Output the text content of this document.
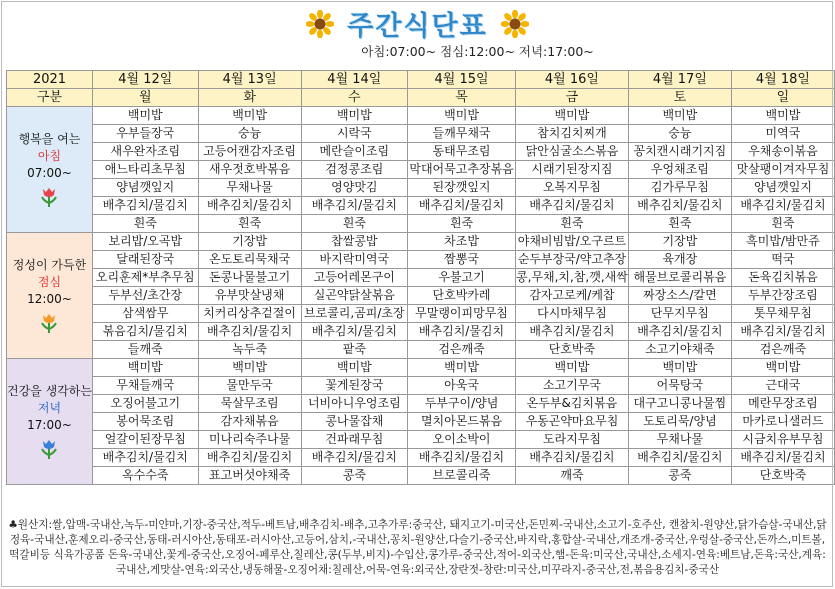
주간식단표
아침:07:00~ 점심:12:00~ 저녁:17:00~
2021	4월 12일	4월 13일	4월 14일	4월 15일	4월 16일	4월 17일	4월 18일
구분	월	화	수	목	금	토	일

행복을 여는
아침
07:00~	백미밥	백미밥	백미밥	백미밥	백미밥	백미밥	백미밥
	우부들장국	숭늉	시락국	들깨무채국	참치김치찌개	숭늉	미역국
	새우완자조림	고등어캔감자조림	메란슬이조림	동태무조림	닭안심굴소스볶음	꽁치캔시래기지짐	우채송이볶음
	애느타리초무침	새우젓호박볶음	검정콩조림	막대어묵고추장볶음	시래기된장지짐	우엉채조림	맛살팽이겨자무침
	양념깻잎지	무채나물	영양맛김	된장깻잎지	오복지무침	김가루무침	양념깻잎지
	배추김치/물김치	배추김치/물김치	배추김치/물김치	배추김치/물김치	배추김치/물김치	배추김치/물김치	배추김치/물김치
	흰죽	흰죽	흰죽	흰죽	흰죽	흰죽	흰죽

정성이 가득한
점심
12:00~	보리밥/오곡밥	기장밥	찹쌀콩밥	차조밥	야채비빔밥/오구르트	기장밥	흑미밥/밤만쥬
	달래된장국	온도토리묵채국	바지락미역국	짬뽕국	순두부장국/약고추장	육개장	떡국
	오리훈제*부추무침	돈콩나물불고기	고등어레몬구이	우불고기	콩,무채,치,참,깻,새싹	해물브로콜리볶음	돈육김치볶음
	두부선/초간장	유부맛살냉채	실곤약닭살볶음	단호박카레	감자고로케/케찹	짜장소스/칼면	두부간장조림
	삼색쌈무	치커리상추겉절이	브로콜리,곰피/초장	무말랭이피망무침	다시마채무침	단무지무침	톳무채무침
	볶음김치/물김치	배추김치/물김치	배추김치/물김치	배추김치/물김치	배추김치/물김치	배추김치/물김치	배추김치/물김치
	들깨죽	녹두죽	팥죽	검은깨죽	단호박죽	소고기야채죽	검은깨죽

건강을 생각하는
저녁
17:00~	백미밥	백미밥	백미밥	백미밥	백미밥	백미밥	백미밥
	무채들깨국	물만두국	꽃게된장국	아욱국	소고기무국	어묵탕국	근대국
	오징어불고기	묵살무조림	너비아니우엉조림	두부구이/양념	온두부&김치볶음	대구고니콩나물찜	메란무장조림
	봉어묵조림	감자채볶음	콩나물잡채	멸치아몬드볶음	우동곤약마요무침	도토리묵/양념	마카로니샐러드
	얼갈이된장무침	미나리숙주나물	건파래무침	오이소박이	도라지무침	무채나물	시금치유부무침
	배추김치/물김치	배추김치/물김치	배추김치/물김치	배추김치/물김치	배추김치/물김치	배추김치/물김치	배추김치/물김치
	옥수수죽	표고버섯야채죽	콩죽	브로콜리죽	깨죽	콩죽	단호박죽
♣원산지:쌀,압맥-국내산,녹두-미얀마,기장-중국산,적두-베트남,배추김치-배추,고추가루:중국산, 돼지고기-미국산,돈민찌-국내산,소고기-호주산, 캔참치-원양산,닭가슴살-국내산,닭정육-국내산,훈제오리-중국산,동태-러시아산,동태포-러시아산,고등어,삼치,-국내산,꽁치-원양산,다슬기-중국산,바지락,홍합살-국내산,개조개-중국산,우렁살-중국산,돈까스,미트볼,떡갈비등 식육가공품 돈육-국내산,꽃게-중국산,오징어-페루산,칠레산,콩(두부,비지)-수입산,콩가루-중국산,적어-외국산,햄-돈육:미국산,국내산,소세지-연육:베트남,돈육:국산,계육:국내산,게맛살-연육:외국산,냉동해물-오징어채:칠레산,어묵-연육:외국산,장란젓-창란:미국산,미꾸라지-중국산,전,볶음용김치-중국산
